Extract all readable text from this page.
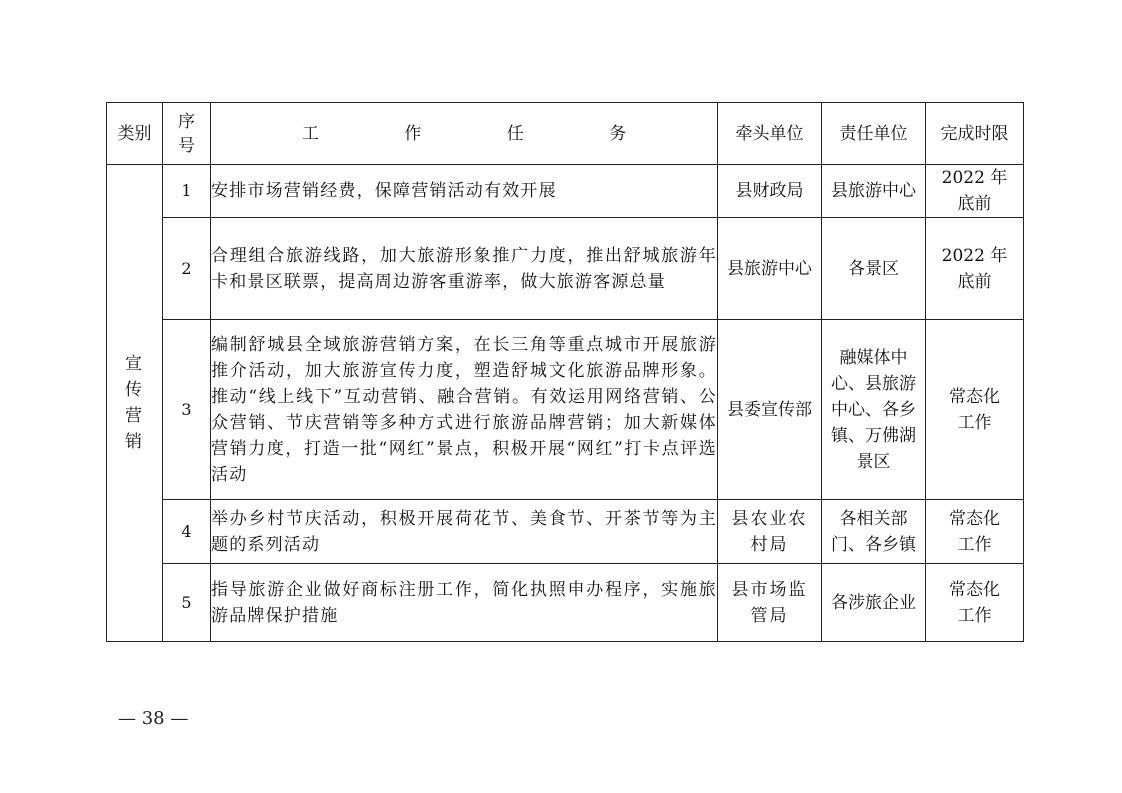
类别	序号	工 作 任 务	牵头单位	责任单位	完成时限
宣传营销	1	安排市场营销经费，保障营销活动有效开展	县财政局	县旅游中心	2022 年底前
	2	合理组合旅游线路，加大旅游形象推广力度，推出舒城旅游年卡和景区联票，提高周边游客重游率，做大旅游客源总量	县旅游中心	各景区	2022 年底前
	3	编制舒城县全域旅游营销方案，在长三角等重点城市开展旅游推介活动，加大旅游宣传力度，塑造舒城文化旅游品牌形象。推动“线上线下”互动营销、融合营销。有效运用网络营销、公众营销、节庆营销等多种方式进行旅游品牌营销；加大新媒体营销力度，打造一批“网红”景点，积极开展“网红”打卡点评选活动	县委宣传部	融媒体中心、县旅游中心、各乡镇、万佛湖景区	常态化工作
	4	举办乡村节庆活动，积极开展荷花节、美食节、开茶节等为主题的系列活动	县农业农村局	各相关部门、各乡镇	常态化工作
	5	指导旅游企业做好商标注册工作，简化执照申办程序，实施旅游品牌保护措施	县市场监管局	各涉旅企业	常态化工作
— 38 —
